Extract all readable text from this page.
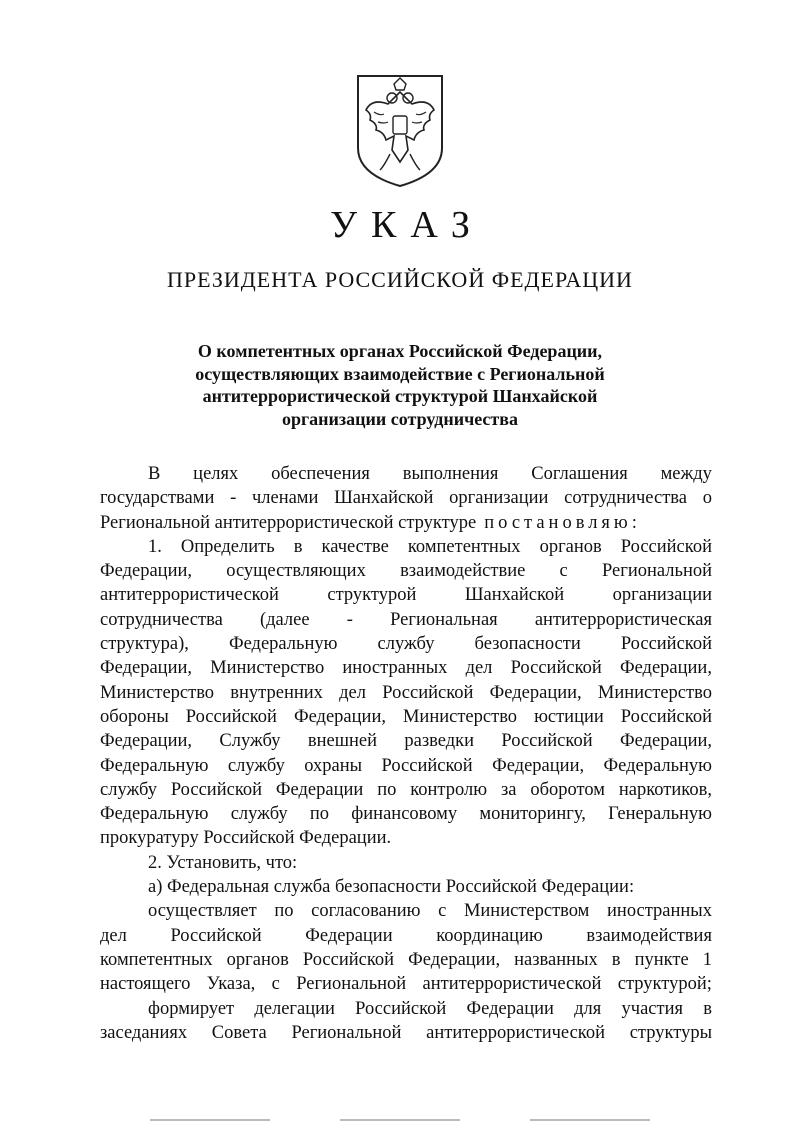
УКАЗ
ПРЕЗИДЕНТА РОССИЙСКОЙ ФЕДЕРАЦИИ
О компетентных органах Российской Федерации,
осуществляющих взаимодействие с Региональной
антитеррористической структурой Шанхайской
организации сотрудничества
В целях обеспечения выполнения Соглашения между
государствами - членами Шанхайской организации сотрудничества о
Региональной антитеррористической структуре постановляю:
1. Определить в качестве компетентных органов Российской
Федерации, осуществляющих взаимодействие с Региональной
антитеррористической	структурой	Шанхайской	организации
сотрудничества (далее - Региональная антитеррористическая
структура), Федеральную службу безопасности Российской
Федерации, Министерство иностранных дел Российской Федерации,
Министерство внутренних дел Российской Федерации, Министерство
обороны Российской Федерации, Министерство юстиции Российской
Федерации, Службу внешней разведки Российской Федерации,
Федеральную службу охраны Российской Федерации, Федеральную
службу Российской Федерации по контролю за оборотом наркотиков,
Федеральную службу по финансовому мониторингу, Генеральную
прокуратуру Российской Федерации.
2. Установить, что:
а) Федеральная служба безопасности Российской Федерации:
осуществляет по согласованию с Министерством иностранных
дел Российской Федерации координацию взаимодействия
компетентных органов Российской Федерации, названных в пункте 1
настоящего Указа, с Региональной антитеррористической структурой;
формирует делегации Российской Федерации для участия в
заседаниях Совета Региональной антитеррористической структуры
